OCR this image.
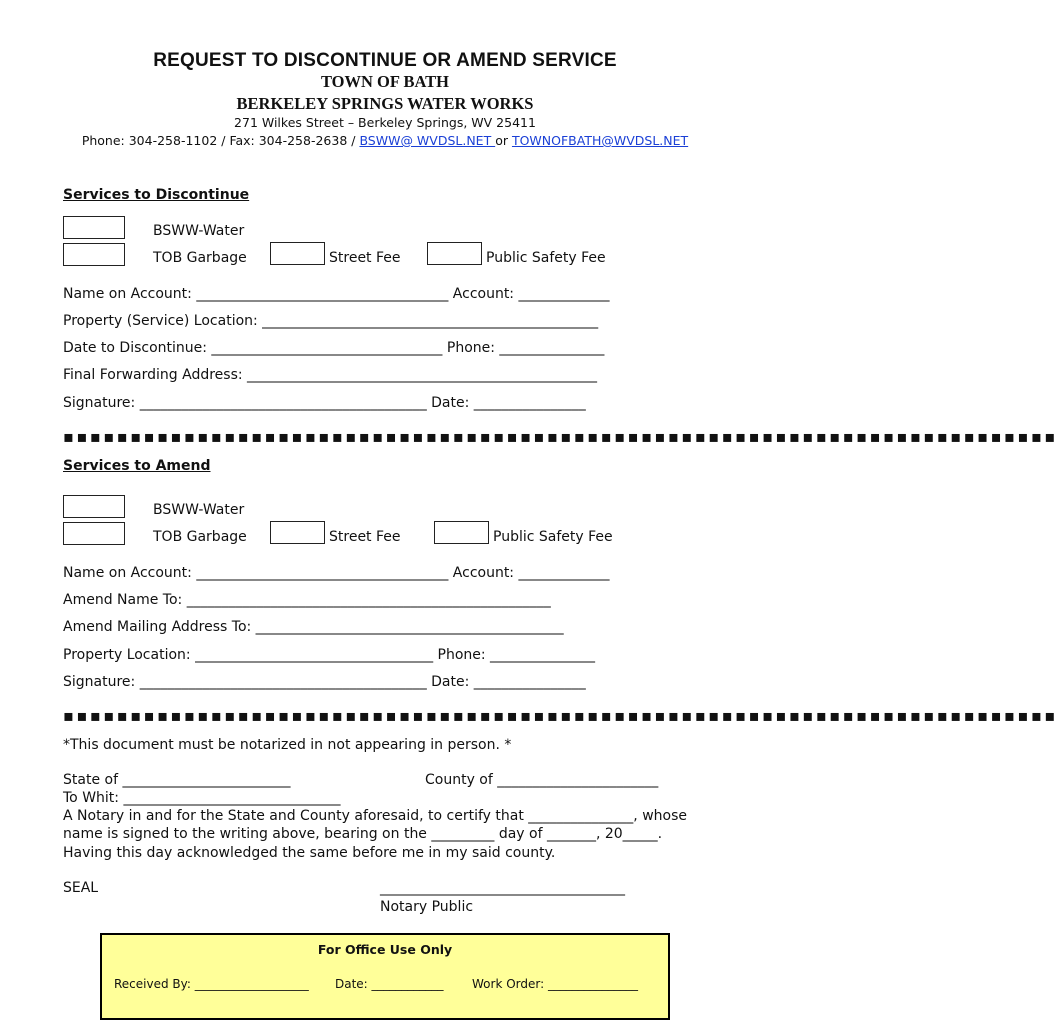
REQUEST TO DISCONTINUE OR AMEND SERVICE
TOWN OF BATH
BERKELEY SPRINGS WATER WORKS
271 Wilkes Street – Berkeley Springs, WV 25411
Phone: 304-258-1102 / Fax: 304-258-2638 / BSWW@ WVDSL.NET or TOWNOFBATH@WVDSL.NET
Services to Discontinue
BSWW-Water
TOB Garbage	Street Fee	Public Safety Fee
Name on Account: ____________________________________ Account: _____________
Property (Service) Location: ________________________________________________
Date to Discontinue: _________________________________ Phone: _______________
Final Forwarding Address: __________________________________________________
Signature: _________________________________________ Date: ________________
▪▪▪▪▪▪▪▪▪▪▪▪▪▪▪▪▪▪▪▪▪▪▪▪▪▪▪▪▪▪▪▪▪▪▪▪▪▪▪▪▪▪▪▪▪▪▪▪▪▪▪▪▪▪▪▪▪▪▪▪▪▪▪▪▪▪▪▪▪▪▪▪▪▪
Services to Amend
BSWW-Water
TOB Garbage	Street Fee	Public Safety Fee
Name on Account: ____________________________________ Account: _____________
Amend Name To: ____________________________________________________
Amend Mailing Address To: ____________________________________________
Property Location: __________________________________ Phone: _______________
Signature: _________________________________________ Date: ________________
▪▪▪▪▪▪▪▪▪▪▪▪▪▪▪▪▪▪▪▪▪▪▪▪▪▪▪▪▪▪▪▪▪▪▪▪▪▪▪▪▪▪▪▪▪▪▪▪▪▪▪▪▪▪▪▪▪▪▪▪▪▪▪▪▪▪▪▪▪▪▪▪▪▪
*This document must be notarized in not appearing in person. *
State of ________________________	County of _______________________
To Whit: _______________________________
A Notary in and for the State and County aforesaid, to certify that _______________, whose
name is signed to the writing above, bearing on the _________ day of _______, 20_____.
Having this day acknowledged the same before me in my said county.
SEAL	___________________________________
Notary Public
For Office Use Only
Received By: ___________________ Date: ____________ Work Order: _______________
